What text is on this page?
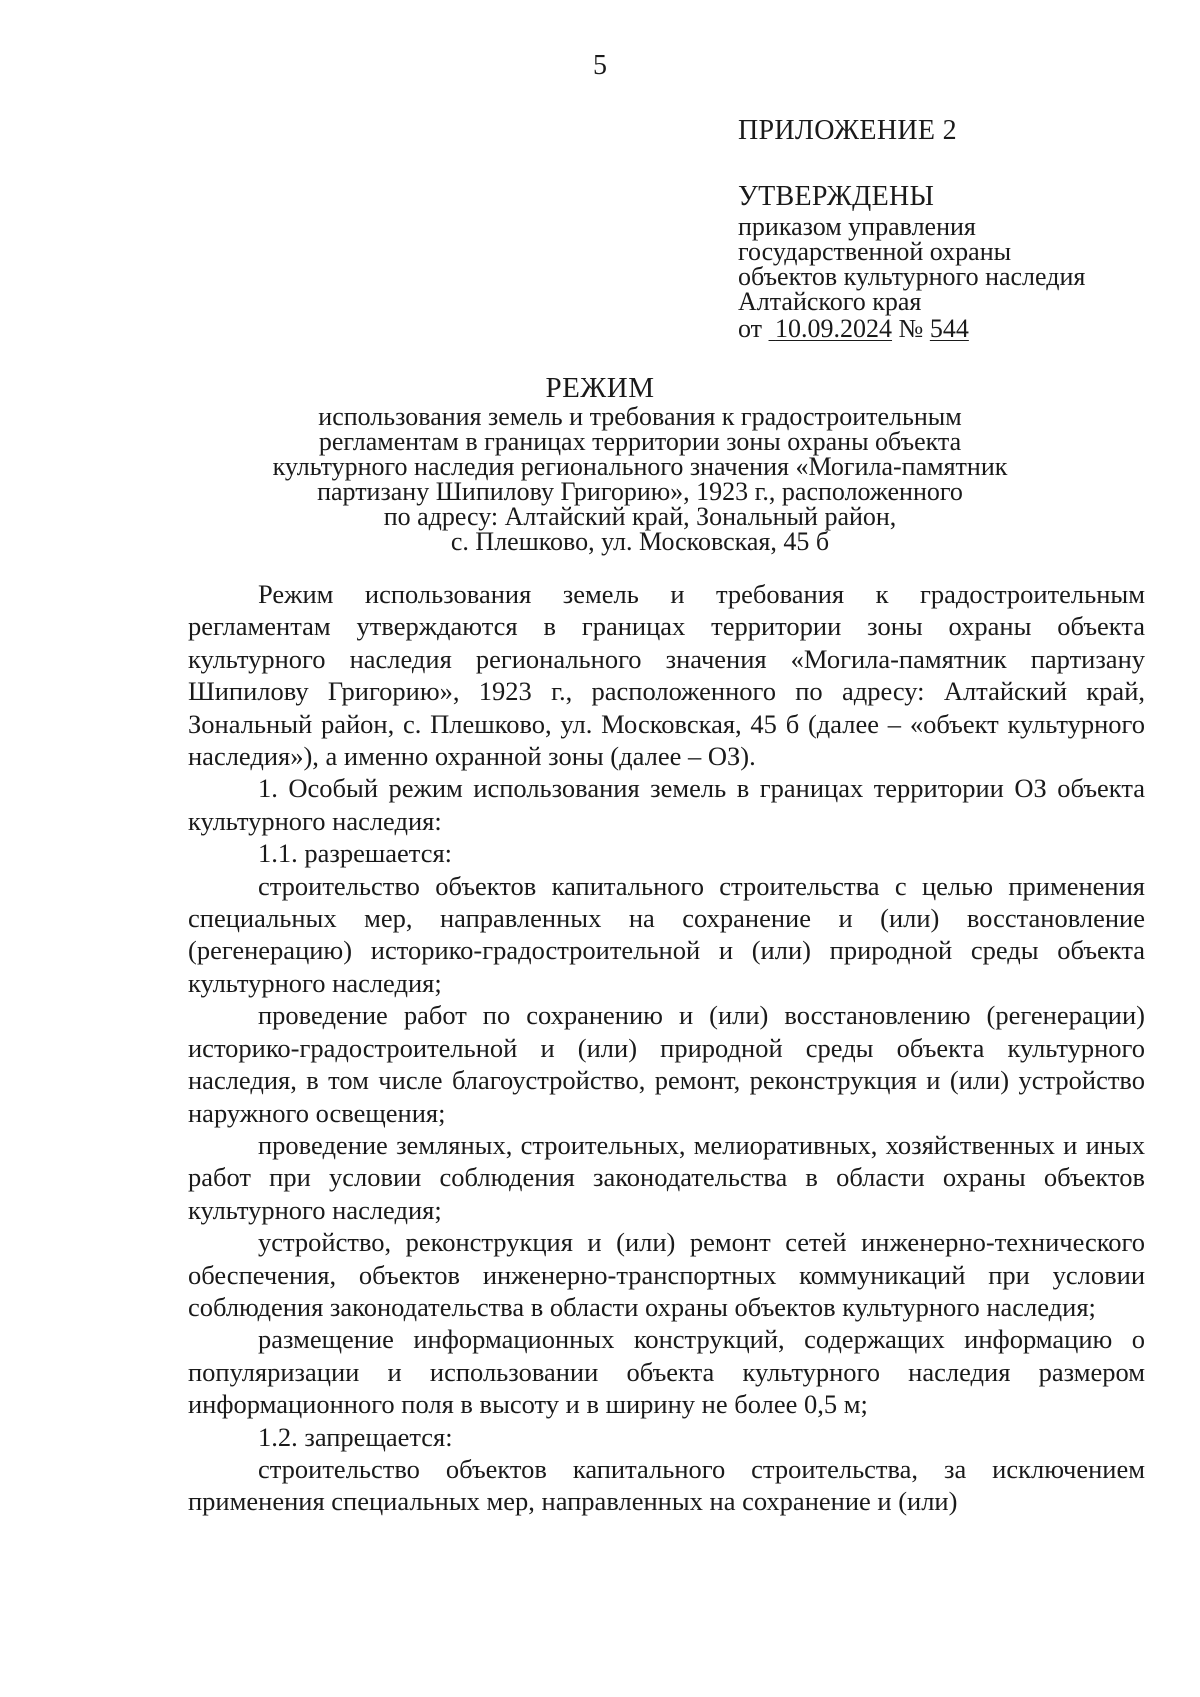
5
ПРИЛОЖЕНИЕ 2
УТВЕРЖДЕНЫ
приказом управления
государственной охраны
объектов культурного наследия
Алтайского края
от 10.09.2024 № 544
РЕЖИМ
использования земель и требования к градостроительным
регламентам в границах территории зоны охраны объекта
культурного наследия регионального значения «Могила-памятник
партизану Шипилову Григорию», 1923 г., расположенного
по адресу: Алтайский край, Зональный район,
с. Плешково, ул. Московская, 45 б

Режим использования земель и требования к градостроительным регламентам утверждаются в границах территории зоны охраны объекта культурного наследия регионального значения «Могила-памятник партизану Шипилову Григорию», 1923 г., расположенного по адресу: Алтайский край, Зональный район, с. Плешково, ул. Московская, 45 б (далее – «объект культурного наследия»), а именно охранной зоны (далее – ОЗ).

1. Особый режим использования земель в границах территории ОЗ объекта культурного наследия:

1.1. разрешается:

строительство объектов капитального строительства с целью применения специальных мер, направленных на сохранение и (или) восстановление (регенерацию) историко-градостроительной и (или) природной среды объекта культурного наследия;

проведение работ по сохранению и (или) восстановлению (регенерации) историко-градостроительной и (или) природной среды объекта культурного наследия, в том числе благоустройство, ремонт, реконструкция и (или) устройство наружного освещения;

проведение земляных, строительных, мелиоративных, хозяйственных и иных работ при условии соблюдения законодательства в области охраны объектов культурного наследия;

устройство, реконструкция и (или) ремонт сетей инженерно-технического обеспечения, объектов инженерно-транспортных коммуникаций при условии соблюдения законодательства в области охраны объектов культурного наследия;

размещение информационных конструкций, содержащих информацию о популяризации и использовании объекта культурного наследия размером информационного поля в высоту и в ширину не более 0,5 м;

1.2. запрещается:

строительство объектов капитального строительства, за исключением применения специальных мер, направленных на сохранение и (или)
